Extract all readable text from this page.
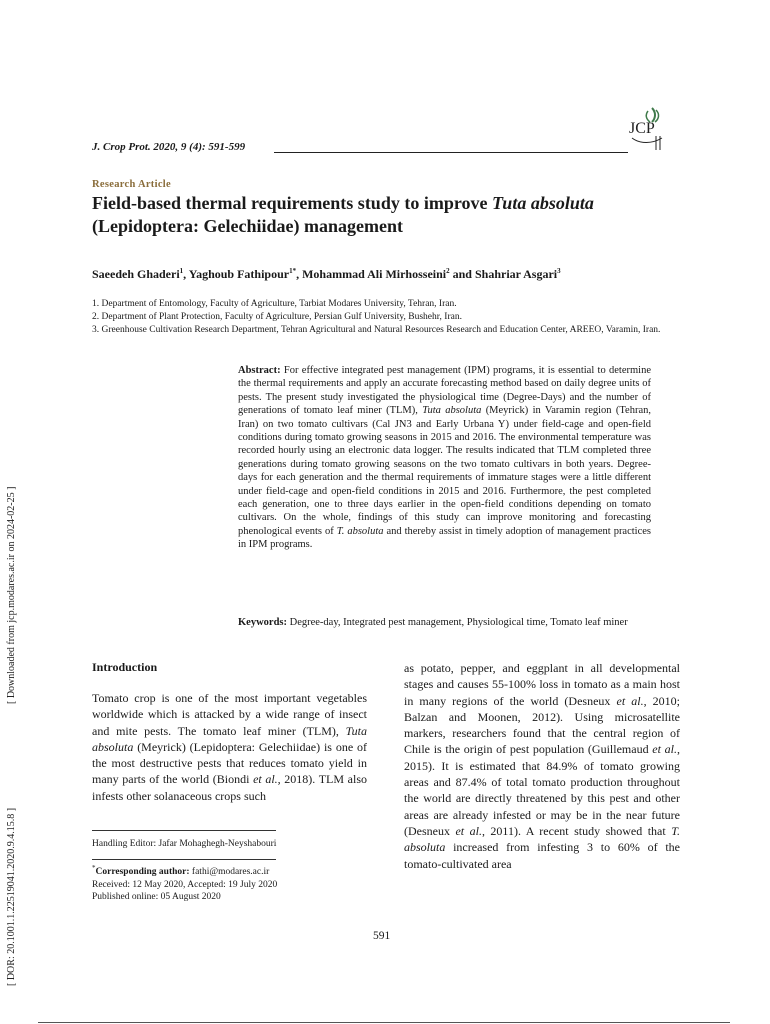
[ Downloaded from jcp.modares.ac.ir on 2024-02-25 ]
[ DOR: 20.1001.1.22519041.2020.9.4.15.8 ]
J. Crop Prot. 2020, 9 (4): 591-599
JCP
Research Article
Field-based thermal requirements study to improve Tuta absoluta
(Lepidoptera: Gelechiidae) management
Saeedeh Ghaderi$^1$, Yaghoub Fathipour$^{1*}$, Mohammad Ali Mirhosseini$^2$ and Shahriar Asgari$^3$
1. Department of Entomology, Faculty of Agriculture, Tarbiat Modares University, Tehran, Iran.
2. Department of Plant Protection, Faculty of Agriculture, Persian Gulf University, Bushehr, Iran.
3. Greenhouse Cultivation Research Department, Tehran Agricultural and Natural Resources Research and Education Center, AREEO, Varamin, Iran.
Abstract: For effective integrated pest management (IPM) programs, it is essential to determine the thermal requirements and apply an accurate forecasting method based on daily degree units of pests. The present study investigated the physiological time (Degree-Days) and the number of generations of tomato leaf miner (TLM), Tuta absoluta (Meyrick) in Varamin region (Tehran, Iran) on two tomato cultivars (Cal JN3 and Early Urbana Y) under field-cage and open-field conditions during tomato growing seasons in 2015 and 2016. The environmental temperature was recorded hourly using an electronic data logger. The results indicated that TLM completed three generations during tomato growing seasons on the two tomato cultivars in both years. Degree-days for each generation and the thermal requirements of immature stages were a little different under field-cage and open-field conditions in 2015 and 2016. Furthermore, the pest completed each generation, one to three days earlier in the open-field conditions depending on tomato cultivars. On the whole, findings of this study can improve monitoring and forecasting phenological events of T. absoluta and thereby assist in timely adoption of management practices in IPM programs.
Keywords: Degree-day, Integrated pest management, Physiological time, Tomato leaf miner
Introduction
Tomato crop is one of the most important vegetables worldwide which is attacked by a wide range of insect and mite pests. The tomato leaf miner (TLM), Tuta absoluta (Meyrick) (Lepidoptera: Gelechiidae) is one of the most destructive pests that reduces tomato yield in many parts of the world (Biondi et al., 2018). TLM also infests other solanaceous crops such
as potato, pepper, and eggplant in all developmental stages and causes 55-100% loss in tomato as a main host in many regions of the world (Desneux et al., 2010; Balzan and Moonen, 2012). Using microsatellite markers, researchers found that the central region of Chile is the origin of pest population (Guillemaud et al., 2015). It is estimated that 84.9% of tomato growing areas and 87.4% of total tomato production throughout the world are directly threatened by this pest and other areas are already infested or may be in the near future (Desneux et al., 2011). A recent study showed that T. absoluta increased from infesting 3 to 60% of the tomato-cultivated area
Handling Editor: Jafar Mohaghegh-Neyshabouri
*Corresponding author: fathi@modares.ac.ir
Received: 12 May 2020, Accepted: 19 July 2020
Published online: 05 August 2020
591
